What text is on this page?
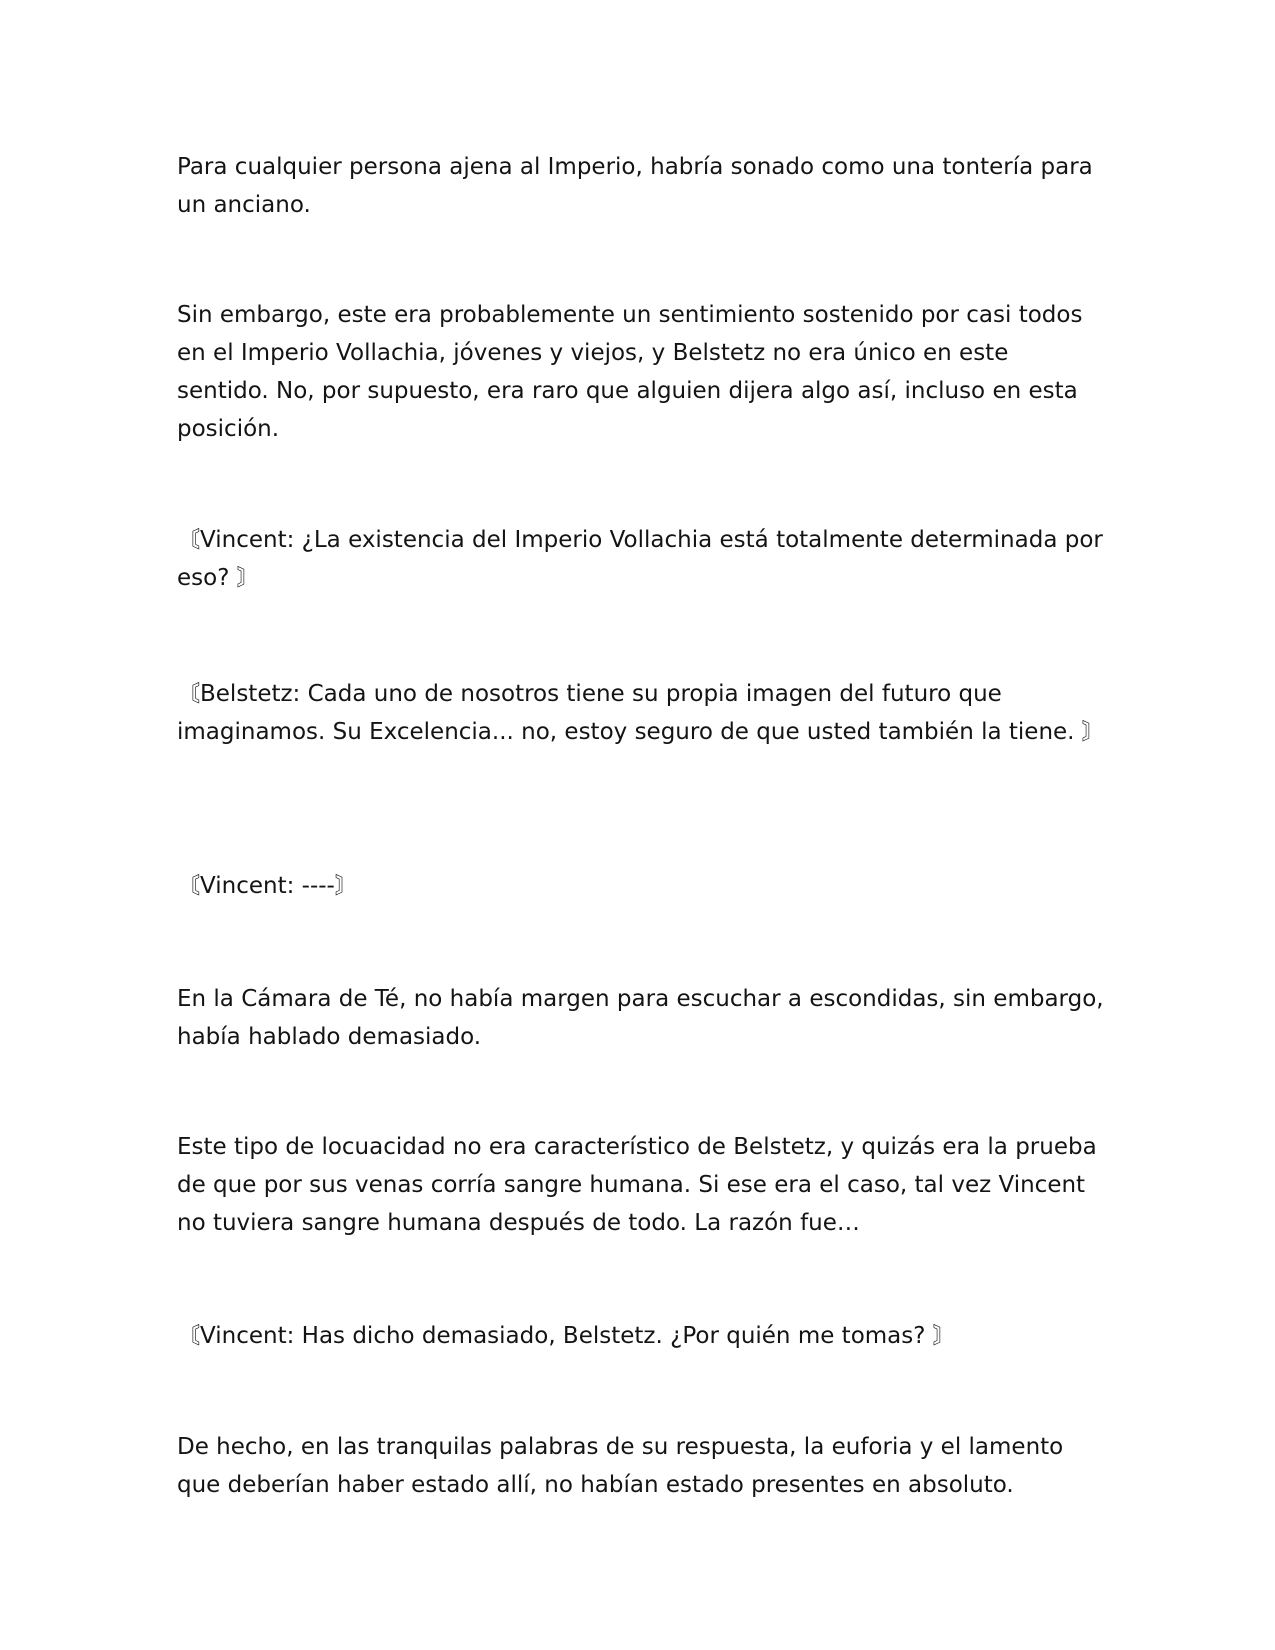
Para cualquier persona ajena al Imperio, habría sonado como una tontería para un anciano.

Sin embargo, este era probablemente un sentimiento sostenido por casi todos en el Imperio Vollachia, jóvenes y viejos, y Belstetz no era único en este sentido. No, por supuesto, era raro que alguien dijera algo así, incluso en esta posición.

〘Vincent: ¿La existencia del Imperio Vollachia está totalmente determinada por eso? 〙

〘Belstetz: Cada uno de nosotros tiene su propia imagen del futuro que imaginamos. Su Excelencia... no, estoy seguro de que usted también la tiene. 〙

〘Vincent: ----〙

En la Cámara de Té, no había margen para escuchar a escondidas, sin embargo, había hablado demasiado.

Este tipo de locuacidad no era característico de Belstetz, y quizás era la prueba de que por sus venas corría sangre humana. Si ese era el caso, tal vez Vincent no tuviera sangre humana después de todo. La razón fue…

〘Vincent: Has dicho demasiado, Belstetz. ¿Por quién me tomas? 〙

De hecho, en las tranquilas palabras de su respuesta, la euforia y el lamento que deberían haber estado allí, no habían estado presentes en absoluto.
